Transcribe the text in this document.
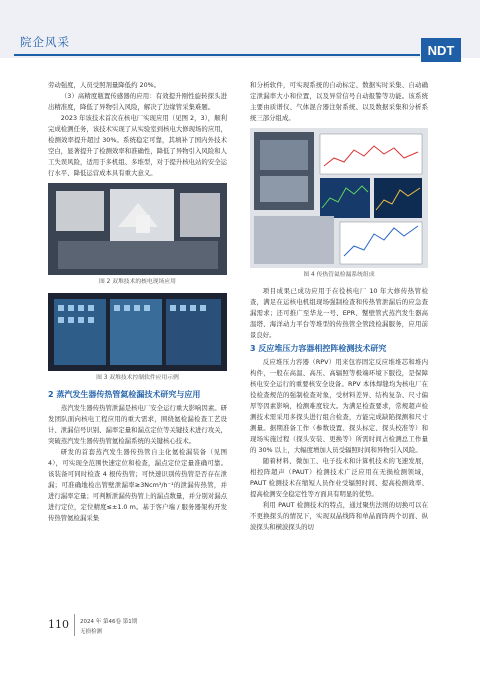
院企风采
NDT

劳动强度，人员受照剂量降低约 20%。

（3）高精度瓶置传感器的应用：有效提升刚性旋转探头进出精准度，降低了异物引入风险，解决了边缘管采集难题。

2023 年该技术首次在核电厂实现应用（见图 2，3），顺利完成检测任务，该技术实现了从实验室到核电大修现场的应用，检测效率提升超过 30%。系统稳定可靠，其填补了国内外技术空白，显著提升了检测效率和准确性，降低了异物引入风险和人工失误风险，适用于多机组、多堆型，对于提升核电站的安全运行水平、降低运营成本具有重大意义。

图 2 双堆技术的核电现场应用
图 3 双堆技术控制软件应用示例
2 蒸汽发生器传热管氦检漏技术研究与应用

蒸汽发生器传热管泄漏是核电厂安全运行重大影响因素。研发团队面向核电工程应用的重大需求，围绕氦检漏检查工艺设计、泄漏信号识别、漏率定量和漏点定位等关键技术进行攻关，突破蒸汽发生器传热管氦检漏系统的关键核心技术。

研发的首套蒸汽发生器传热管自主化氦检漏装备（见图 4），可实现全范围快速定位和检查，漏点定位定量准确可靠。该装备可同时检查 4 根传热管；可快速识别传热管是否存在泄漏；可准确地检出管壁泄漏率≥3Ncm³/h⁻¹的泄漏传热管，并进行漏率定量；可判断泄漏传热管上的漏点数量，并分别对漏点进行定位，定位精度≤±1.0 m。基于客户端 / 服务器架构开发传热管氦检漏采集

和分析软件，可实现系统的自动标定、数据实时采集、自动确定泄漏率大小和位置，以及异常信号自动报警等功能。该系统主要由质谱仪、气体混合器注射系统、以及数据采集和分析系统三部分组成。

图 4 传热管氦检漏系统组成

项目成果已成功应用于在役核电厂 10 年大修传热管检查，满足在运核电机组现场强制检查和传热管泄漏后的应急查漏需求；还可推广至华龙一号、EPR、蟹壁管式蒸汽发生器高温塔、海洋动力平台等堆型的传热管全管段检漏服务，应用前景良好。

3 反应堆压力容器相控阵检测技术研究

反应堆压力容器（RPV）用来包容固定反应堆堆芯和堆内构件，一般在高温、高压、高辐照等极端环境下服役，是保障核电安全运行的重要核安全设备。RPV 本体焊缝均为核电厂在役检查规范的强制检查对象，受材料差异、结构复杂、尺寸偏厚等因素影响，检测难度较大。为满足检查要求，常规超声检测技术需采用多探头进行组合检查，方能完成缺陷探测和尺寸测量。据期准备工作（参数设置、探头标定、探头校准等）和现场实施过程（探头安装、更换等）所需时间占检测总工作量的 30% 以上，大幅度增加人员受辐照时间和异物引入风险。

随着材料、微加工、电子技术和计算机技术的飞速发展，相控阵超声（PAUT）检测技术广泛应用在无损检测领域，PAUT 检测技术在缩短人员作业受辐照时间、提高检测效率、提高检测安全稳定性等方面具有明显的优势。

利用 PAUT 检测技术的特点，通过聚焦法则的切换可以在不更换探头的情况下，实现双晶线阵和单晶面阵两个切面、纵波探头和横波探头的切

110 2024 年 第46卷 第1期
无损检测
